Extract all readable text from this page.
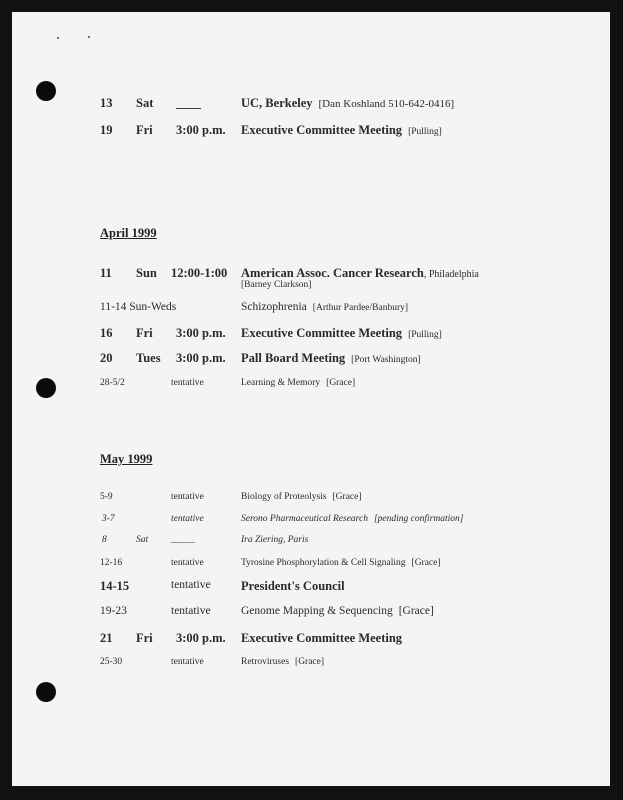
13 Sat ____	UC, Berkeley [Dan Koshland 510-642-0416]
19 Fri 3:00 p.m. Executive Committee Meeting [Pulling]
April 1999
11 Sun 12:00-1:00 American Assoc. Cancer Research, Philadelphia
[Barney Clarkson]
11-14 Sun-Weds	Schizophrenia [Arthur Pardee/Banbury]
16 Fri 3:00 p.m. Executive Committee Meeting [Pulling]
20 Tues 3:00 p.m. Pall Board Meeting [Port Washington]
28-5/2	tentative	Learning & Memory [Grace]
May 1999
5-9	tentative	Biology of Proteolysis [Grace]
3-7	tentative	Serono Pharmaceutical Research [pending confirmation]
8	Sat _____	Ira Ziering, Paris
12-16	tentative	Tyrosine Phosphorylation & Cell Signaling [Grace]
14-15	tentative President's Council
19-23	tentative	Genome Mapping & Sequencing [Grace]
21 Fri 3:00 p.m. Executive Committee Meeting
25-30	tentative	Retroviruses [Grace]
